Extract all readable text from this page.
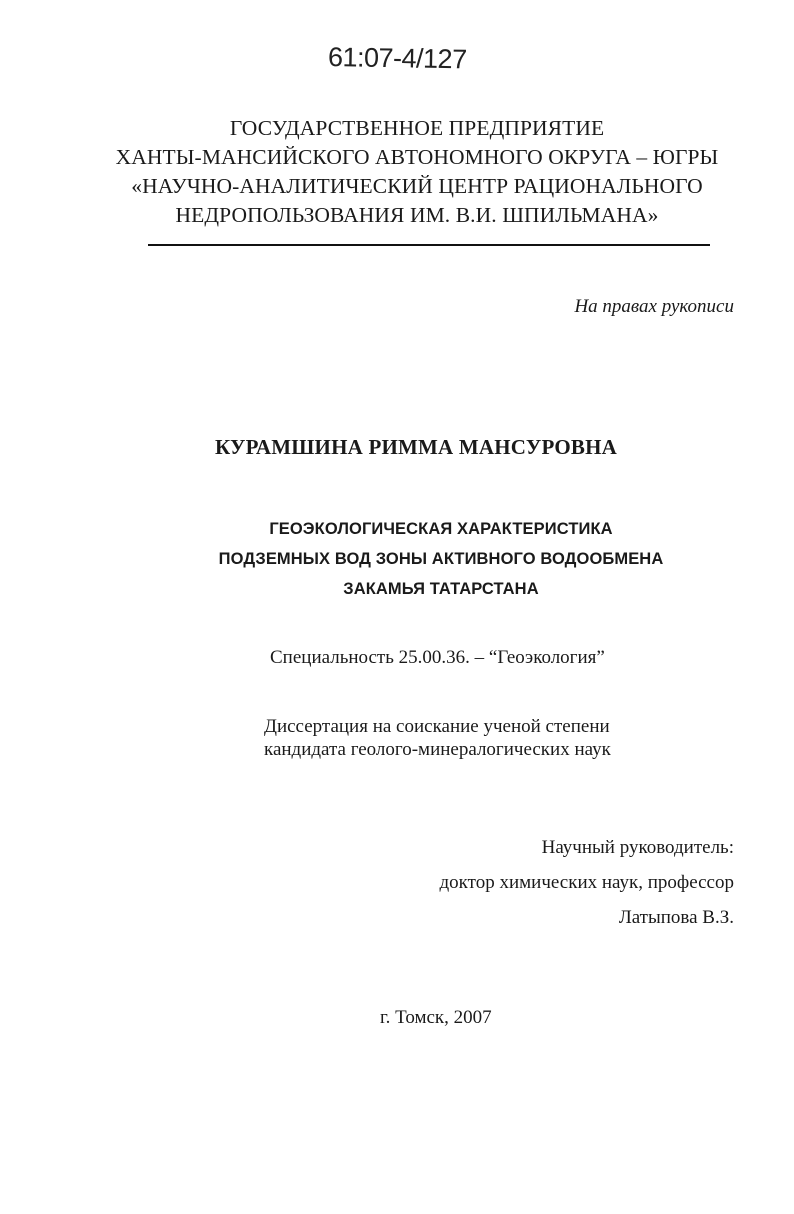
61:07-4/127
ГОСУДАРСТВЕННОЕ ПРЕДПРИЯТИЕ
ХАНТЫ-МАНСИЙСКОГО АВТОНОМНОГО ОКРУГА – ЮГРЫ
«НАУЧНО-АНАЛИТИЧЕСКИЙ ЦЕНТР РАЦИОНАЛЬНОГО
НЕДРОПОЛЬЗОВАНИЯ ИМ. В.И. ШПИЛЬМАНА»
На правах рукописи
КУРАМШИНА РИММА МАНСУРОВНА
ГЕОЭКОЛОГИЧЕСКАЯ ХАРАКТЕРИСТИКА
ПОДЗЕМНЫХ ВОД ЗОНЫ АКТИВНОГО ВОДООБМЕНА
ЗАКАМЬЯ ТАТАРСТАНА
Специальность 25.00.36. – “Геоэкология”
Диссертация на соискание ученой степени
кандидата геолого-минералогических наук
Научный руководитель:
доктор химических наук, профессор
Латыпова В.З.
г. Томск, 2007
